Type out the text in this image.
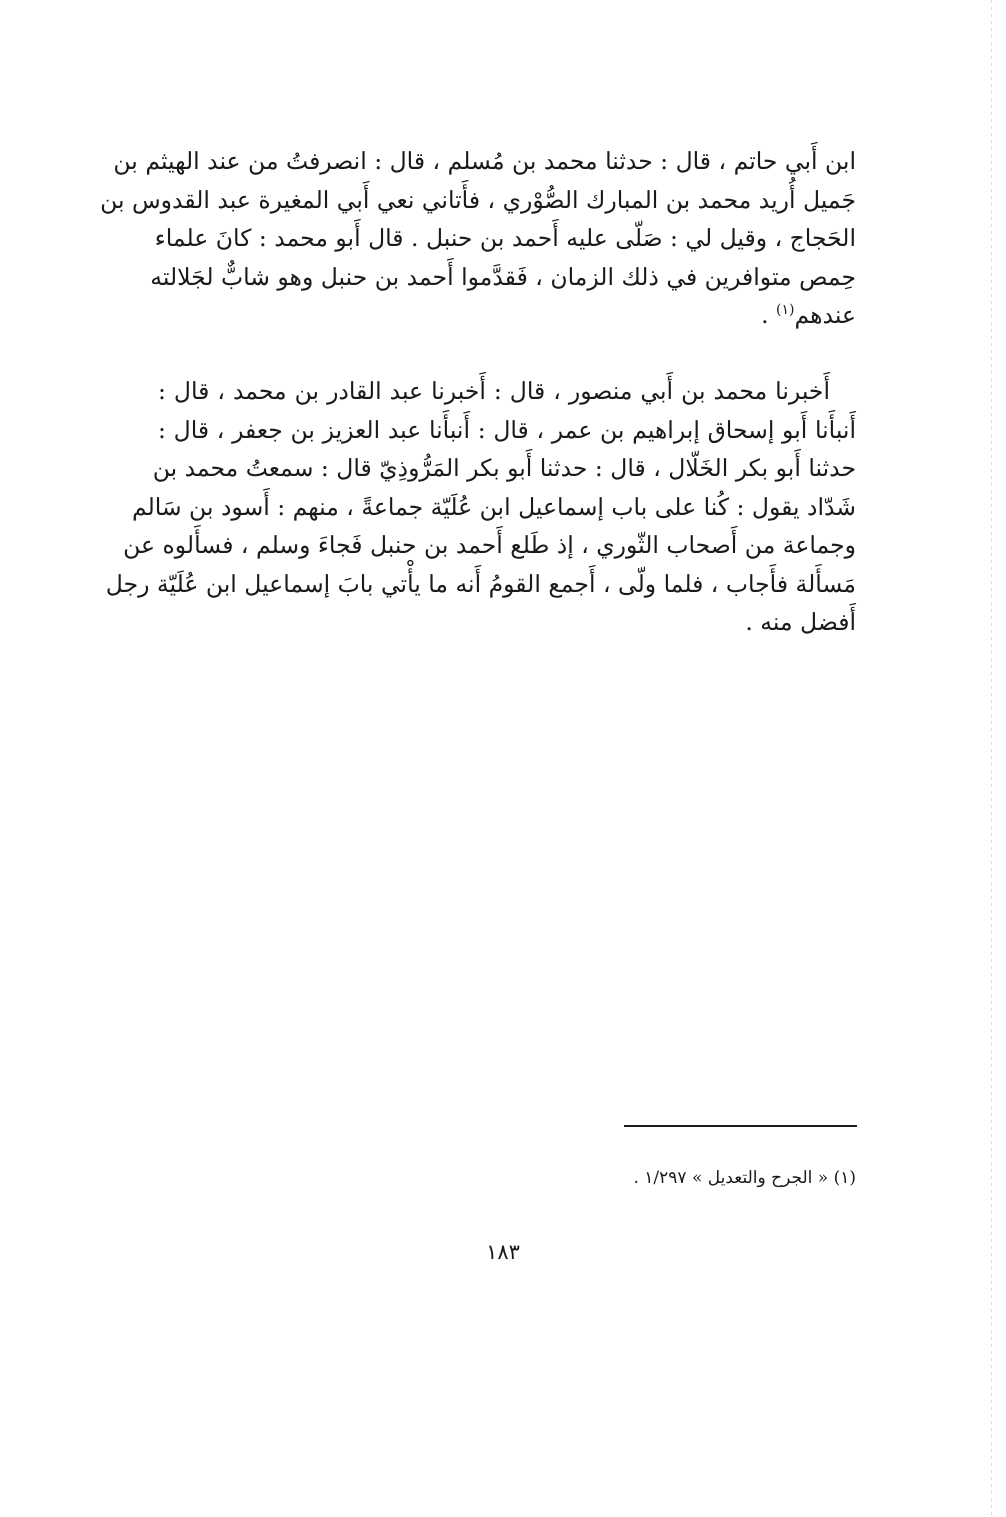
ابن أَبي حاتم ، قال : حدثنا محمد بن مُسلم ، قال : انصرفتُ من عند الهيثم بن
جَميل أُريد محمد بن المبارك الصُّوْري ، فأَتاني نعي أَبي المغيرة عبد القدوس بن
الحَجاج ، وقيل لي : صَلّى عليه أَحمد بن حنبل . قال أَبو محمد : كانَ علماء
حِمص متوافرين في ذلك الزمان ، فَقدَّموا أَحمد بن حنبل وهو شابٌّ لجَلالته
عندهم$^{(١)}$ .
أَخبرنا محمد بن أَبي منصور ، قال : أَخبرنا عبد القادر بن محمد ، قال :
أَنبأَنا أَبو إسحاق إبراهيم بن عمر ، قال : أَنبأَنا عبد العزيز بن جعفر ، قال :
حدثنا أَبو بكر الخَلّال ، قال : حدثنا أَبو بكر المَرُّوذِيّ قال : سمعتُ محمد بن
شَدّاد يقول : كُنا على باب إسماعيل ابن عُلَيّة جماعةً ، منهم : أَسود بن سَالم
وجماعة من أَصحاب الثّوري ، إذ طَلع أَحمد بن حنبل فَجاءَ وسلم ، فسأَلوه عن
مَسأَلة فأَجاب ، فلما ولّى ، أَجمع القومُ أَنه ما يأْتي بابَ إسماعيل ابن عُلَيّة رجل
أَفضل منه .
(١) « الجرح والتعديل » ١/٢٩٧ .
١٨٣
